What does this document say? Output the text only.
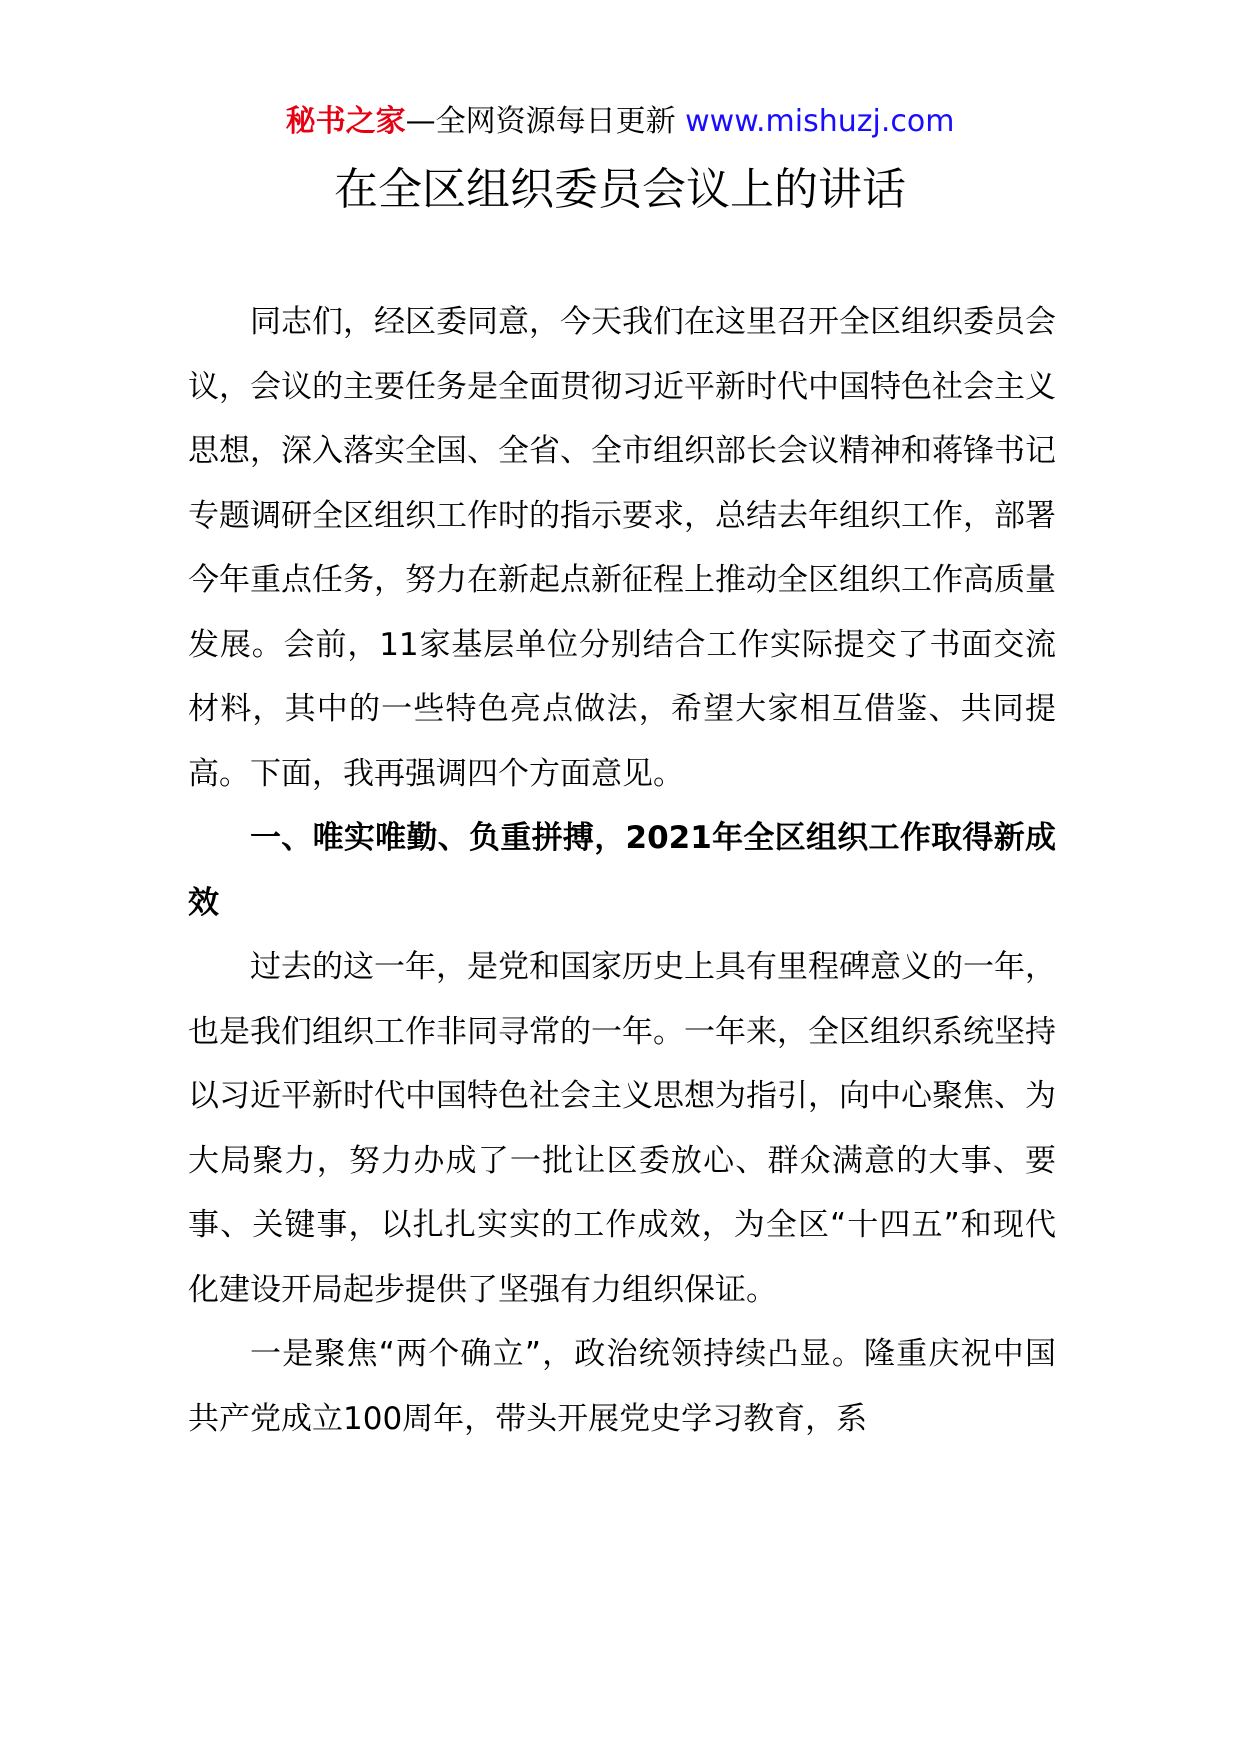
秘书之家—全网资源每日更新 www.mishuzj.com
在全区组织委员会议上的讲话

同志们，经区委同意，今天我们在这里召开全区组织委员会议，会议的主要任务是全面贯彻习近平新时代中国特色社会主义思想，深入落实全国、全省、全市组织部长会议精神和蒋锋书记专题调研全区组织工作时的指示要求，总结去年组织工作，部署今年重点任务，努力在新起点新征程上推动全区组织工作高质量发展。会前，11家基层单位分别结合工作实际提交了书面交流材料，其中的一些特色亮点做法，希望大家相互借鉴、共同提高。下面，我再强调四个方面意见。

一、唯实唯勤、负重拼搏，2021年全区组织工作取得新成效

过去的这一年，是党和国家历史上具有里程碑意义的一年，也是我们组织工作非同寻常的一年。一年来，全区组织系统坚持以习近平新时代中国特色社会主义思想为指引，向中心聚焦、为大局聚力，努力办成了一批让区委放心、群众满意的大事、要事、关键事，以扎扎实实的工作成效，为全区“十四五”和现代化建设开局起步提供了坚强有力组织保证。

一是聚焦“两个确立”，政治统领持续凸显。隆重庆祝中国共产党成立100周年，带头开展党史学习教育，系
